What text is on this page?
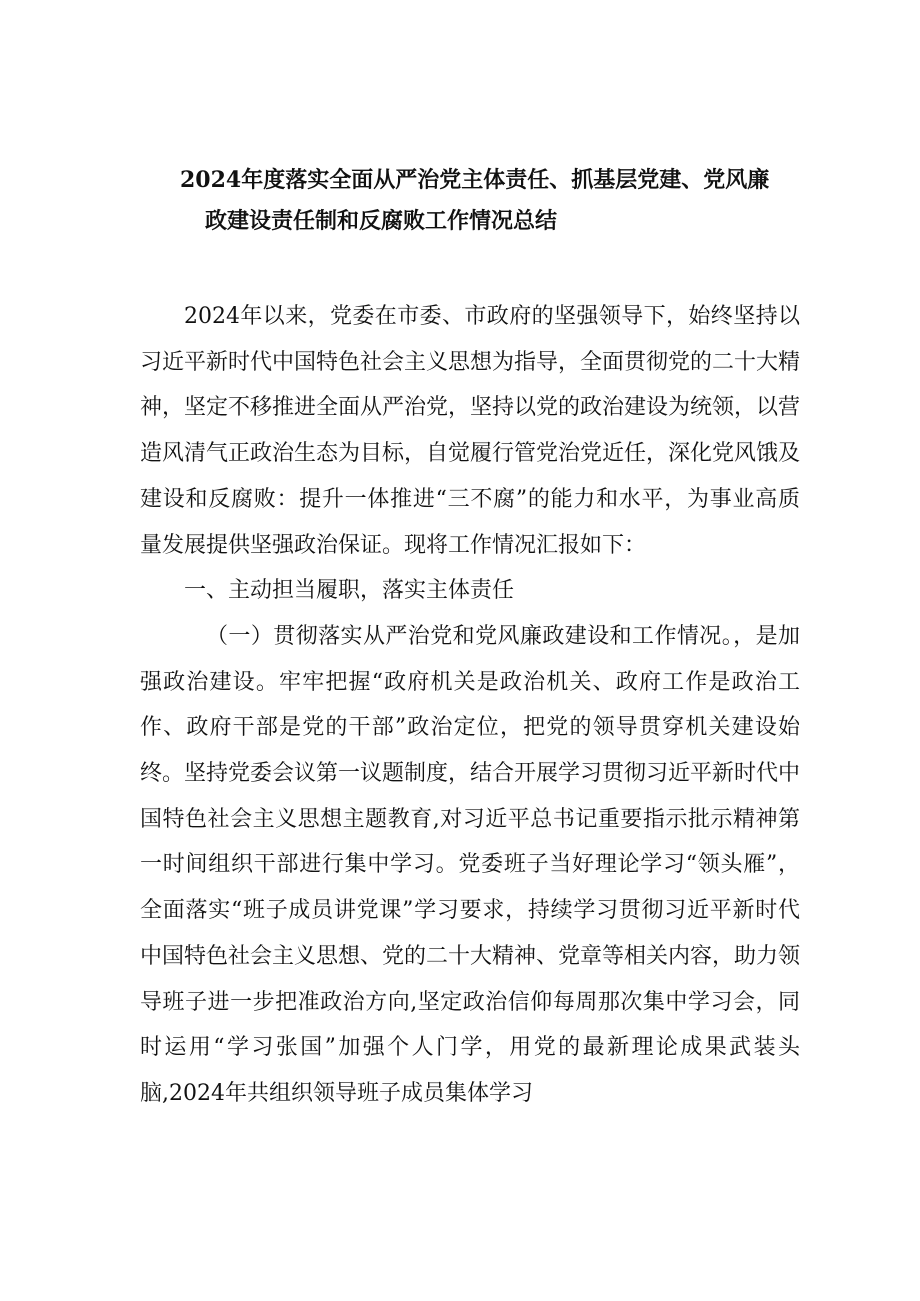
2024年度落实全面从严治党主体责任、抓基层党建、党风廉
政建设责任制和反腐败工作情况总结

2024年以来，党委在市委、市政府的坚强领导下，始终坚持以习近平新时代中国特色社会主义思想为指导，全面贯彻党的二十大精神，坚定不移推进全面从严治党，坚持以党的政治建设为统领，以营造风清气正政治生态为目标，自觉履行管党治党近任，深化党风饿及建设和反腐败：提升一体推进“三不腐”的能力和水平，为事业高质量发展提供坚强政治保证。现将工作情况汇报如下：

一、主动担当履职，落实主体责任

（一）贯彻落实从严治党和党风廉政建设和工作情况。，是加强政治建设。牢牢把握“政府机关是政治机关、政府工作是政治工作、政府干部是党的干部”政治定位，把党的领导贯穿机关建设始终。坚持党委会议第一议题制度，结合开展学习贯彻习近平新时代中国特色社会主义思想主题教育,对习近平总书记重要指示批示精神第一时间组织干部进行集中学习。党委班子当好理论学习“领头雁”，全面落实“班子成员讲党课”学习要求，持续学习贯彻习近平新时代中国特色社会主义思想、党的二十大精神、党章等相关内容，助力领导班子进一步把准政治方向,坚定政治信仰每周那次集中学习会，同时运用“学习张国”加强个人门学，用党的最新理论成果武装头脑,2024年共组织领导班子成员集体学习
